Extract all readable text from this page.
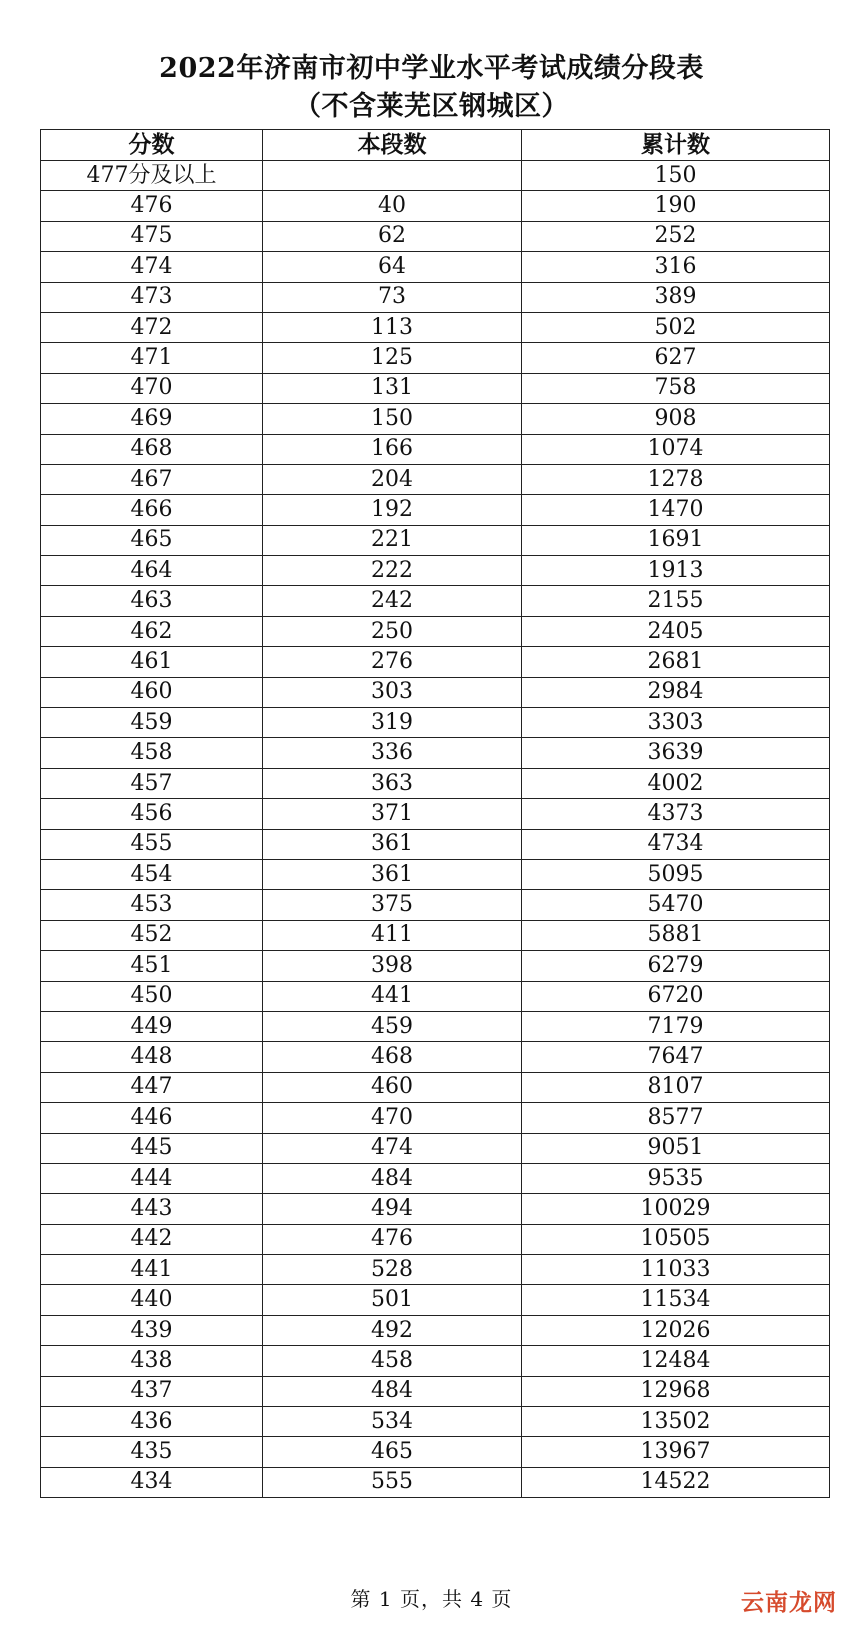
2022年济南市初中学业水平考试成绩分段表
（不含莱芜区钢城区）
分数	本段数	累计数
477分及以上		150
476	40	190
475	62	252
474	64	316
473	73	389
472	113	502
471	125	627
470	131	758
469	150	908
468	166	1074
467	204	1278
466	192	1470
465	221	1691
464	222	1913
463	242	2155
462	250	2405
461	276	2681
460	303	2984
459	319	3303
458	336	3639
457	363	4002
456	371	4373
455	361	4734
454	361	5095
453	375	5470
452	411	5881
451	398	6279
450	441	6720
449	459	7179
448	468	7647
447	460	8107
446	470	8577
445	474	9051
444	484	9535
443	494	10029
442	476	10505
441	528	11033
440	501	11534
439	492	12026
438	458	12484
437	484	12968
436	534	13502
435	465	13967
434	555	14522
第 1 页，共 4 页	云南龙网
